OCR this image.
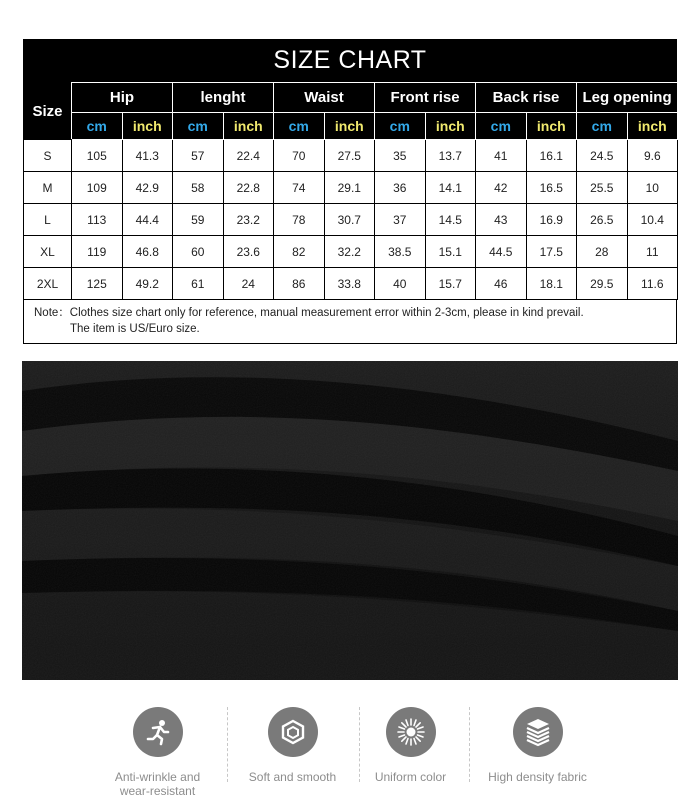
SIZE CHART
Size	Hip		lenght		Waist		Front rise		Back rise		Leg opening	
	cm	inch	cm	inch	cm	inch	cm	inch	cm	inch	cm	inch
S	105	41.3	57	22.4	70	27.5	35	13.7	41	16.1	24.5	9.6
M	109	42.9	58	22.8	74	29.1	36	14.1	42	16.5	25.5	10
L	113	44.4	59	23.2	78	30.7	37	14.5	43	16.9	26.5	10.4
XL	119	46.8	60	23.6	82	32.2	38.5	15.1	44.5	17.5	28	11
2XL	125	49.2	61	24	86	33.8	40	15.7	46	18.1	29.5	11.6
Note：Clothes size chart only for reference, manual measurement error within 2-3cm, please in kind prevail.
The item is US/Euro size.
Anti-wrinkle and
wear-resistant
Soft and smooth	Uniform color	High density fabric
